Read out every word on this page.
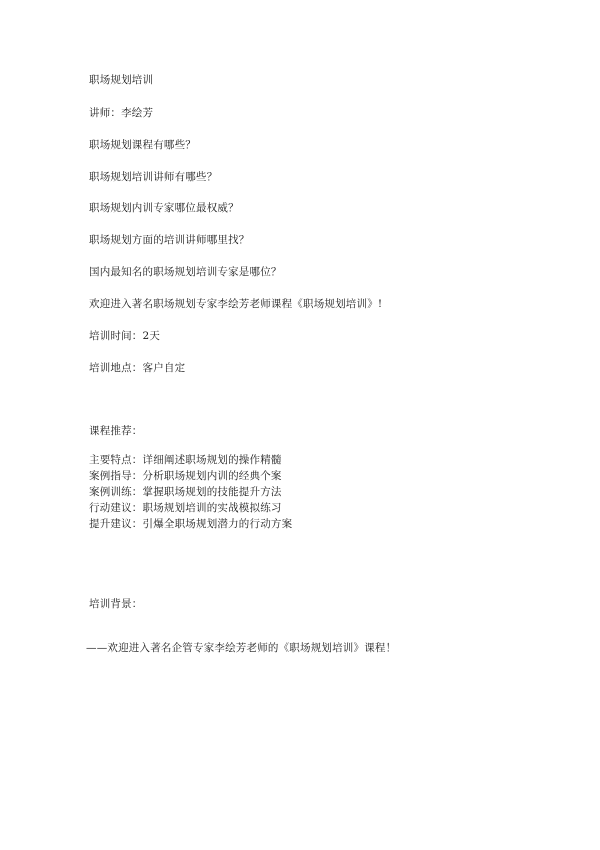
职场规划培训
讲师：李绘芳
职场规划课程有哪些？
职场规划培训讲师有哪些？
职场规划内训专家哪位最权威？
职场规划方面的培训讲师哪里找？
国内最知名的职场规划培训专家是哪位？
欢迎进入著名职场规划专家李绘芳老师课程《职场规划培训》!
培训时间：2天
培训地点：客户自定
课程推荐：
主要特点：详细阐述职场规划的操作精髓
案例指导：分析职场规划内训的经典个案
案例训练：掌握职场规划的技能提升方法
行动建议：职场规划培训的实战模拟练习
提升建议：引爆全职场规划潜力的行动方案
培训背景：
——欢迎进入著名企管专家李绘芳老师的《职场规划培训》课程！
